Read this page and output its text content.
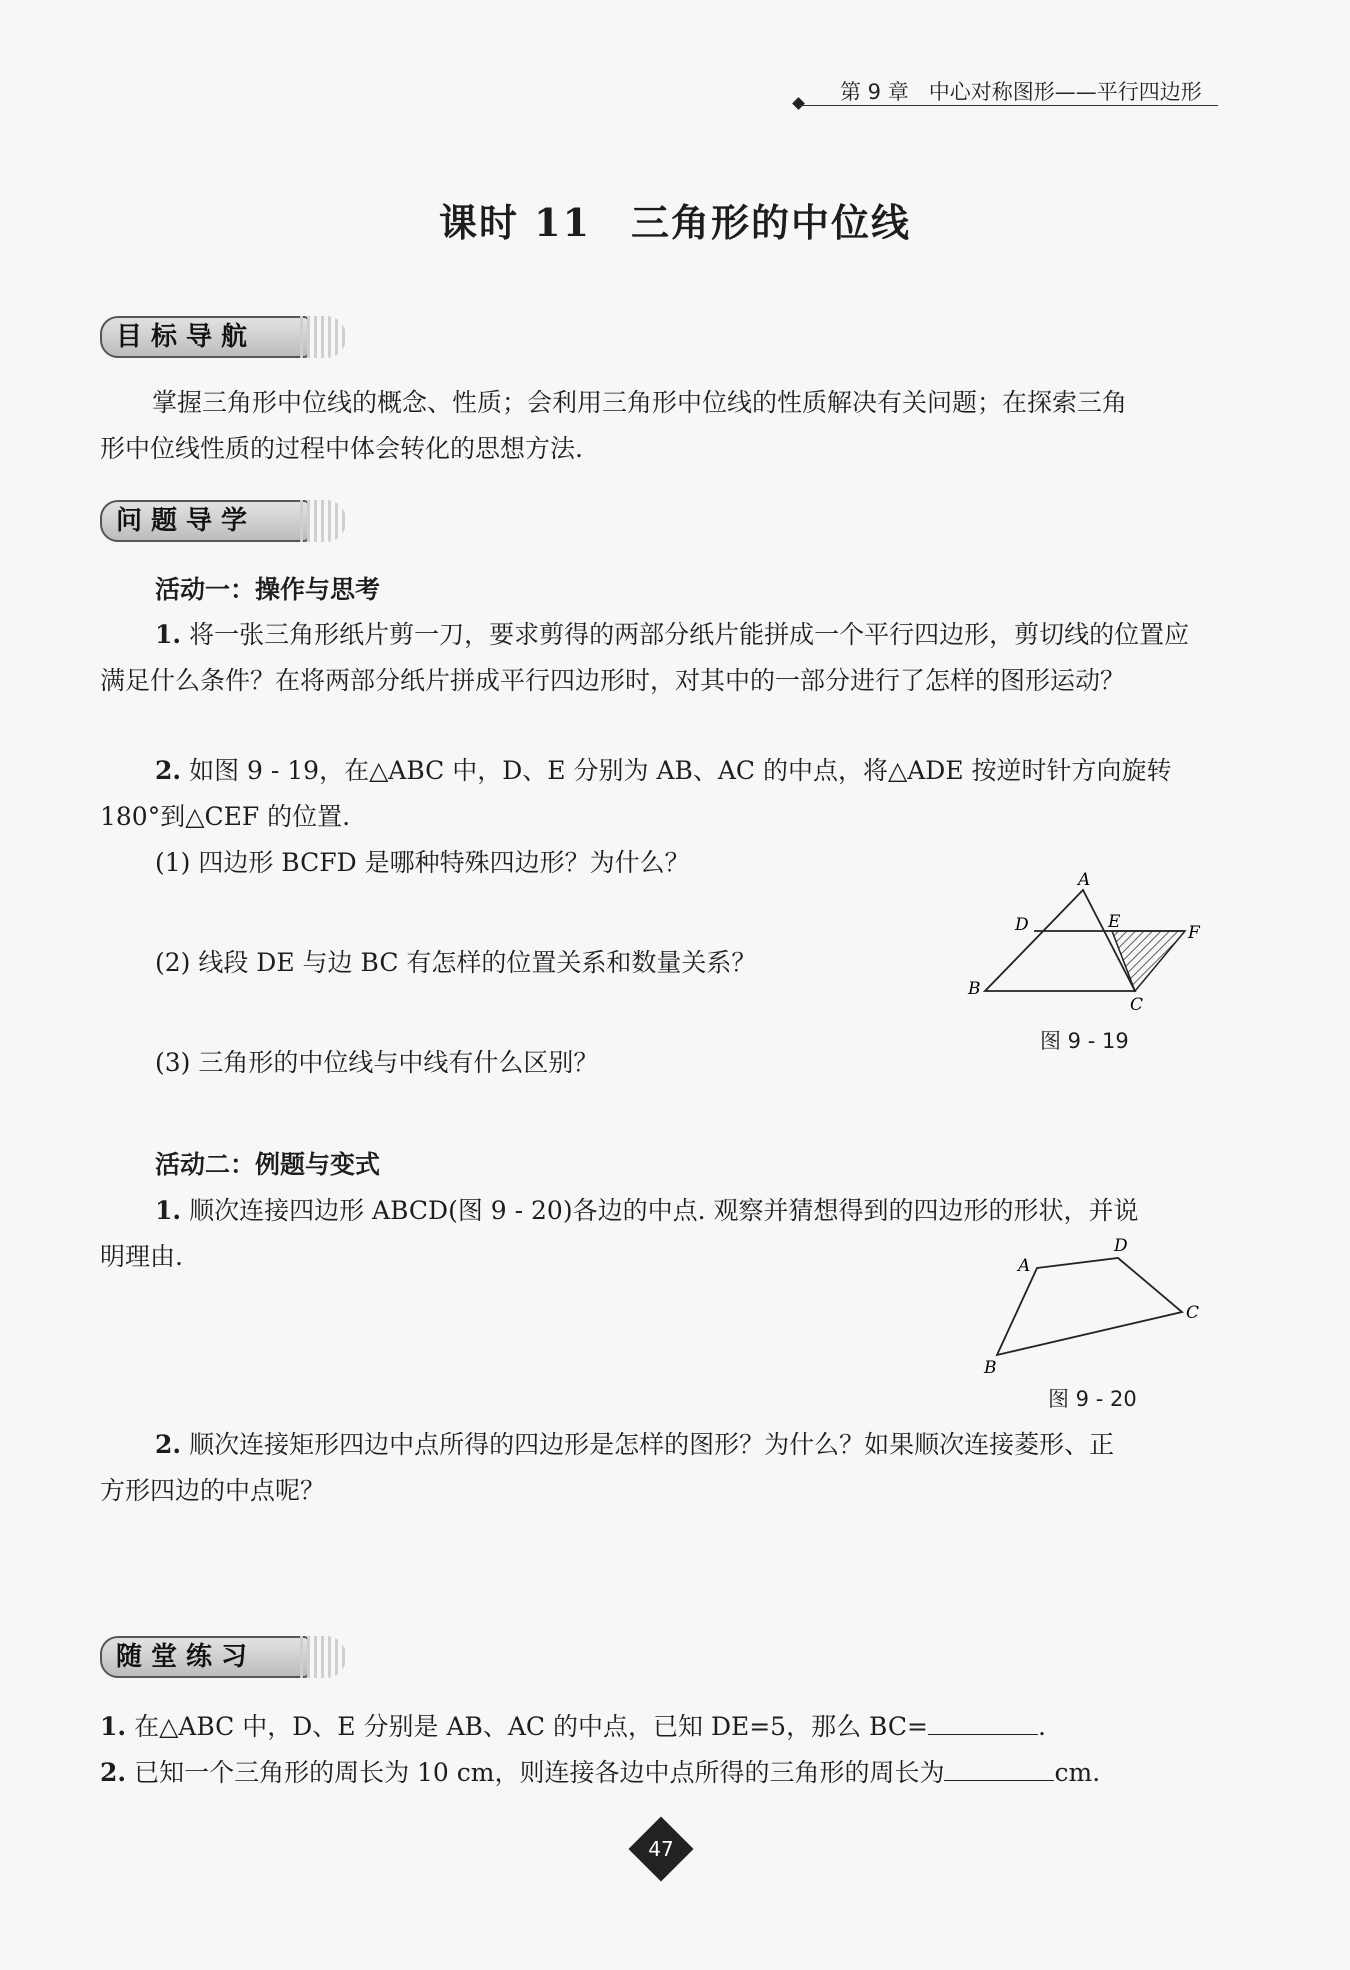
第 9 章 中心对称图形——平行四边形
课时 11　三角形的中位线
目标导航
掌握三角形中位线的概念、性质；会利用三角形中位线的性质解决有关问题；在探索三角
形中位线性质的过程中体会转化的思想方法.
问题导学
活动一：操作与思考
1. 将一张三角形纸片剪一刀，要求剪得的两部分纸片能拼成一个平行四边形，剪切线的位置应
满足什么条件？在将两部分纸片拼成平行四边形时，对其中的一部分进行了怎样的图形运动？
2. 如图 9 - 19，在△ABC 中，D、E 分别为 AB、AC 的中点，将△ADE 按逆时针方向旋转
180°到△CEF 的位置.
(1) 四边形 BCFD 是哪种特殊四边形？为什么？
(2) 线段 DE 与边 BC 有怎样的位置关系和数量关系？
(3) 三角形的中位线与中线有什么区别？
A
B
C
D	E
F
图 9 - 19
活动二：例题与变式
1. 顺次连接四边形 ABCD(图 9 - 20)各边的中点. 观察并猜想得到的四边形的形状，并说
明理由.	A
B
C
D
图 9 - 20
2. 顺次连接矩形四边中点所得的四边形是怎样的图形？为什么？如果顺次连接菱形、正
方形四边的中点呢？
随堂练习
1. 在△ABC 中，D、E 分别是 AB、AC 的中点，已知 DE=5，那么 BC=	.
2. 已知一个三角形的周长为 10 cm，则连接各边中点所得的三角形的周长为	cm.
47
